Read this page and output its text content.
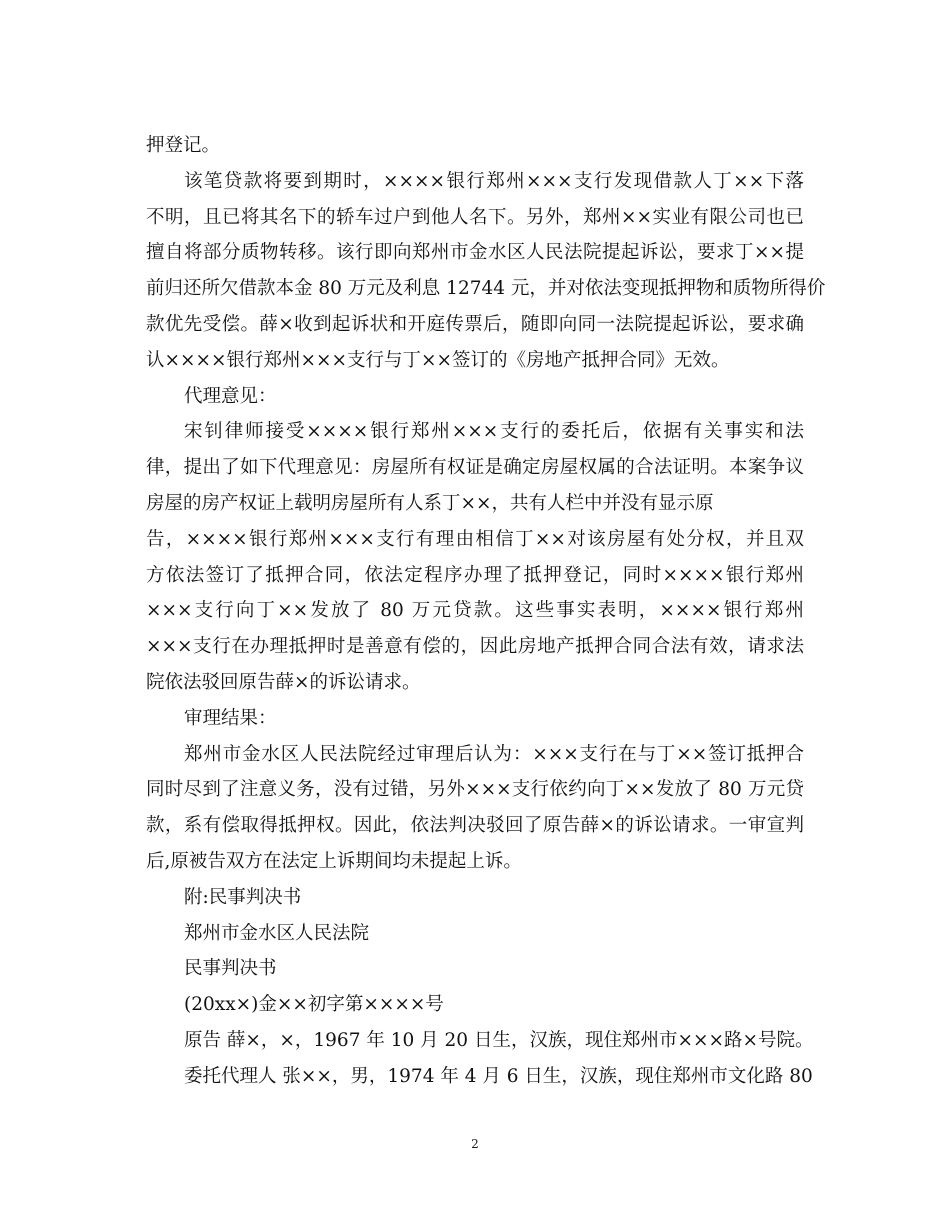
押登记。
该笔贷款将要到期时，××××银行郑州×××支行发现借款人丁××下落
不明，且已将其名下的轿车过户到他人名下。另外，郑州××实业有限公司也已
擅自将部分质物转移。该行即向郑州市金水区人民法院提起诉讼，要求丁××提
前归还所欠借款本金 80 万元及利息 12744 元，并对依法变现抵押物和质物所得价
款优先受偿。薛×收到起诉状和开庭传票后，随即向同一法院提起诉讼，要求确
认××××银行郑州×××支行与丁××签订的《房地产抵押合同》无效。
代理意见：
宋钊律师接受××××银行郑州×××支行的委托后，依据有关事实和法
律，提出了如下代理意见：房屋所有权证是确定房屋权属的合法证明。本案争议
房屋的房产权证上载明房屋所有人系丁××，共有人栏中并没有显示原
告，××××银行郑州×××支行有理由相信丁××对该房屋有处分权，并且双
方依法签订了抵押合同，依法定程序办理了抵押登记，同时××××银行郑州
×××支行向丁××发放了 80 万元贷款。这些事实表明，××××银行郑州
×××支行在办理抵押时是善意有偿的，因此房地产抵押合同合法有效，请求法
院依法驳回原告薛×的诉讼请求。
审理结果：
郑州市金水区人民法院经过审理后认为：×××支行在与丁××签订抵押合
同时尽到了注意义务，没有过错，另外×××支行依约向丁××发放了 80 万元贷
款，系有偿取得抵押权。因此，依法判决驳回了原告薛×的诉讼请求。一审宣判
后,原被告双方在法定上诉期间均未提起上诉。
附:民事判决书
郑州市金水区人民法院
民事判决书
(20xx×)金××初字第××××号
原告 薛×，×，1967 年 10 月 20 日生，汉族，现住郑州市×××路×号院。
委托代理人 张××，男，1974 年 4 月 6 日生，汉族，现住郑州市文化路 80
2
